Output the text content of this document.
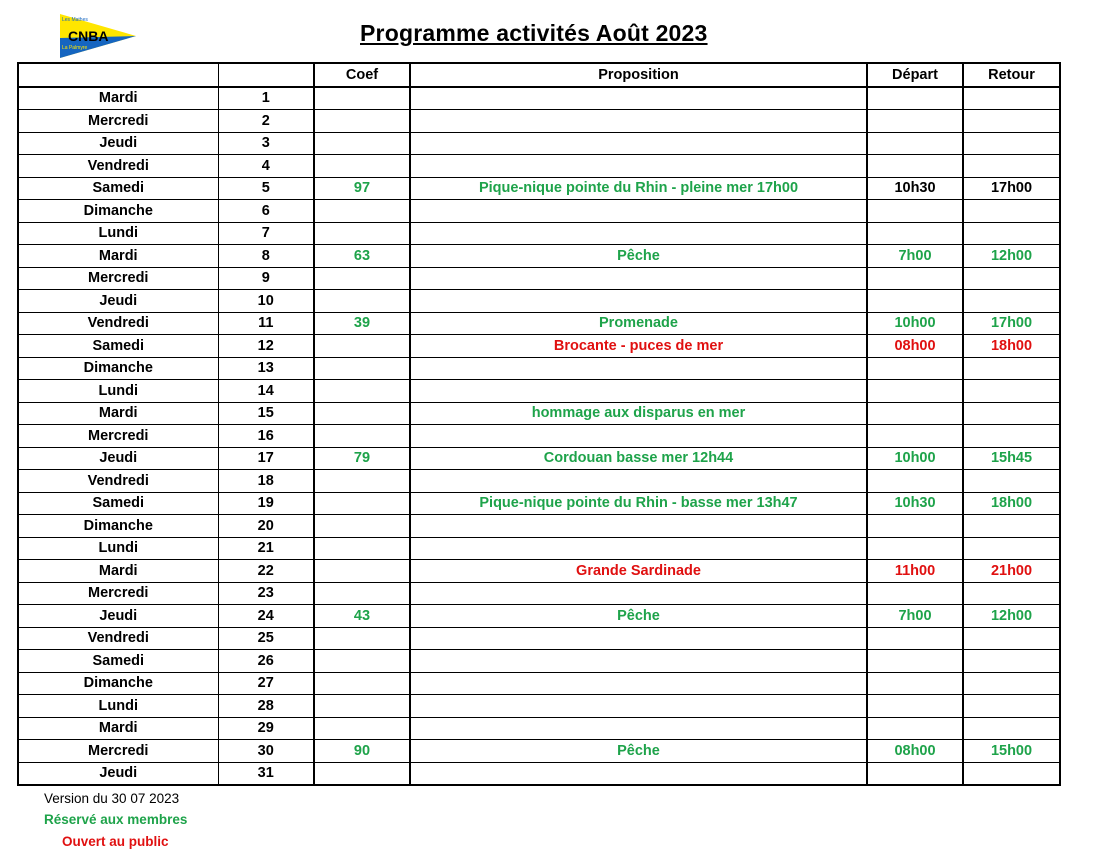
Les Mathes
CNBA
La Palmyre
Programme activités Août 2023
		Coef	Proposition	Départ	Retour
Mardi	1				
Mercredi	2				
Jeudi	3				
Vendredi	4				
Samedi	5	97	Pique-nique pointe du Rhin - pleine mer 17h00	10h30	17h00
Dimanche	6				
Lundi	7				
Mardi	8	63	Pêche	7h00	12h00
Mercredi	9				
Jeudi	10				
Vendredi	11	39	Promenade	10h00	17h00
Samedi	12		Brocante - puces de mer	08h00	18h00
Dimanche	13				
Lundi	14				
Mardi	15		hommage aux disparus en mer		
Mercredi	16				
Jeudi	17	79	Cordouan basse mer 12h44	10h00	15h45
Vendredi	18				
Samedi	19		Pique-nique pointe du Rhin - basse mer 13h47	10h30	18h00
Dimanche	20				
Lundi	21				
Mardi	22		Grande Sardinade	11h00	21h00
Mercredi	23				
Jeudi	24	43	Pêche	7h00	12h00
Vendredi	25				
Samedi	26				
Dimanche	27				
Lundi	28				
Mardi	29				
Mercredi	30	90	Pêche	08h00	15h00
Jeudi	31				
Version du 30 07 2023
Réservé aux membres
Ouvert au public
